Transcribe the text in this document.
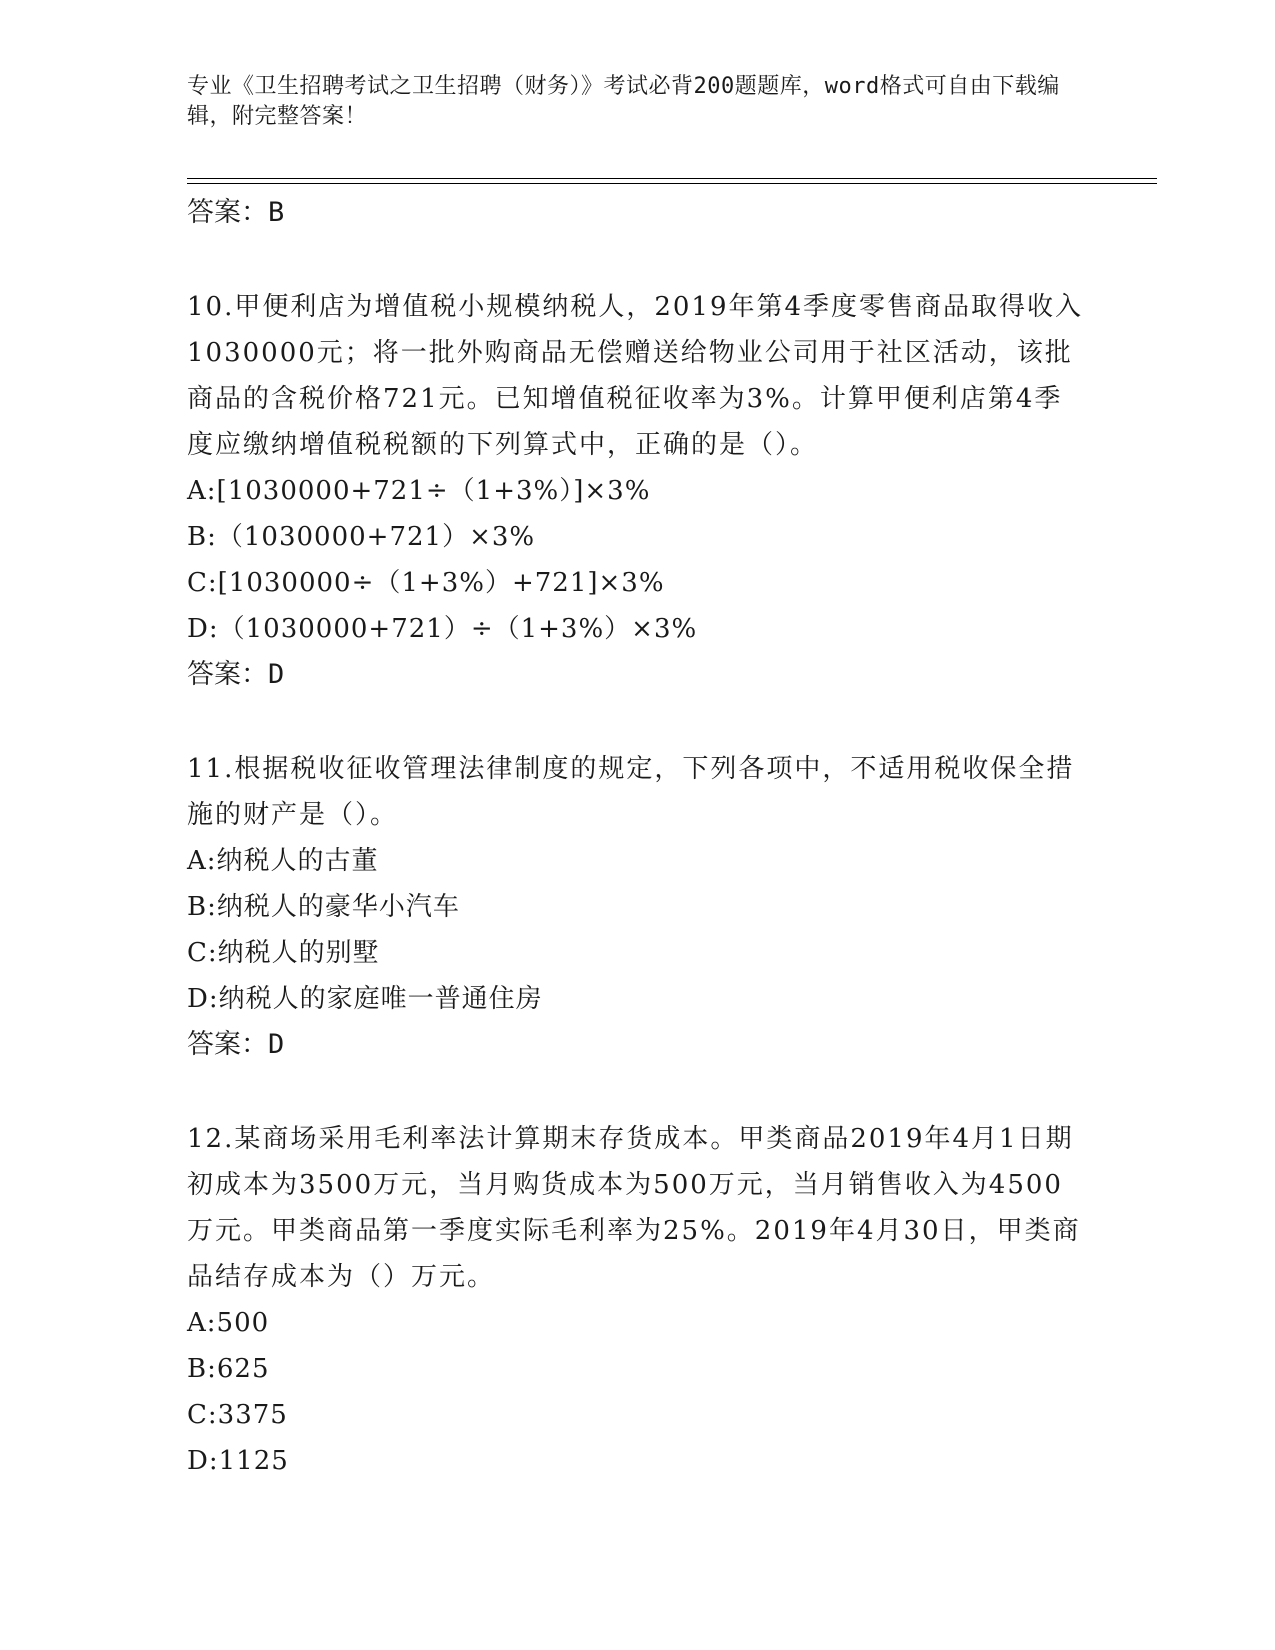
专业《卫生招聘考试之卫生招聘（财务）》考试必背200题题库，word格式可自由下载编辑，附完整答案！

答案：B

10.甲便利店为增值税小规模纳税人，2019年第4季度零售商品取得收入1030000元；将一批外购商品无偿赠送给物业公司用于社区活动，该批商品的含税价格721元。已知增值税征收率为3%。计算甲便利店第4季度应缴纳增值税税额的下列算式中，正确的是（）。

A:[1030000+721÷（1+3%）]×3%
B:（1030000+721）×3%
C:[1030000÷（1+3%）+721]×3%
D:（1030000+721）÷（1+3%）×3%

答案：D

11.根据税收征收管理法律制度的规定，下列各项中，不适用税收保全措施的财产是（）。

A:纳税人的古董
B:纳税人的豪华小汽车
C:纳税人的别墅
D:纳税人的家庭唯一普通住房

答案：D

12.某商场采用毛利率法计算期末存货成本。甲类商品2019年4月1日期初成本为3500万元，当月购货成本为500万元，当月销售收入为4500万元。甲类商品第一季度实际毛利率为25%。2019年4月30日，甲类商品结存成本为（）万元。

A:500
B:625
C:3375
D:1125
